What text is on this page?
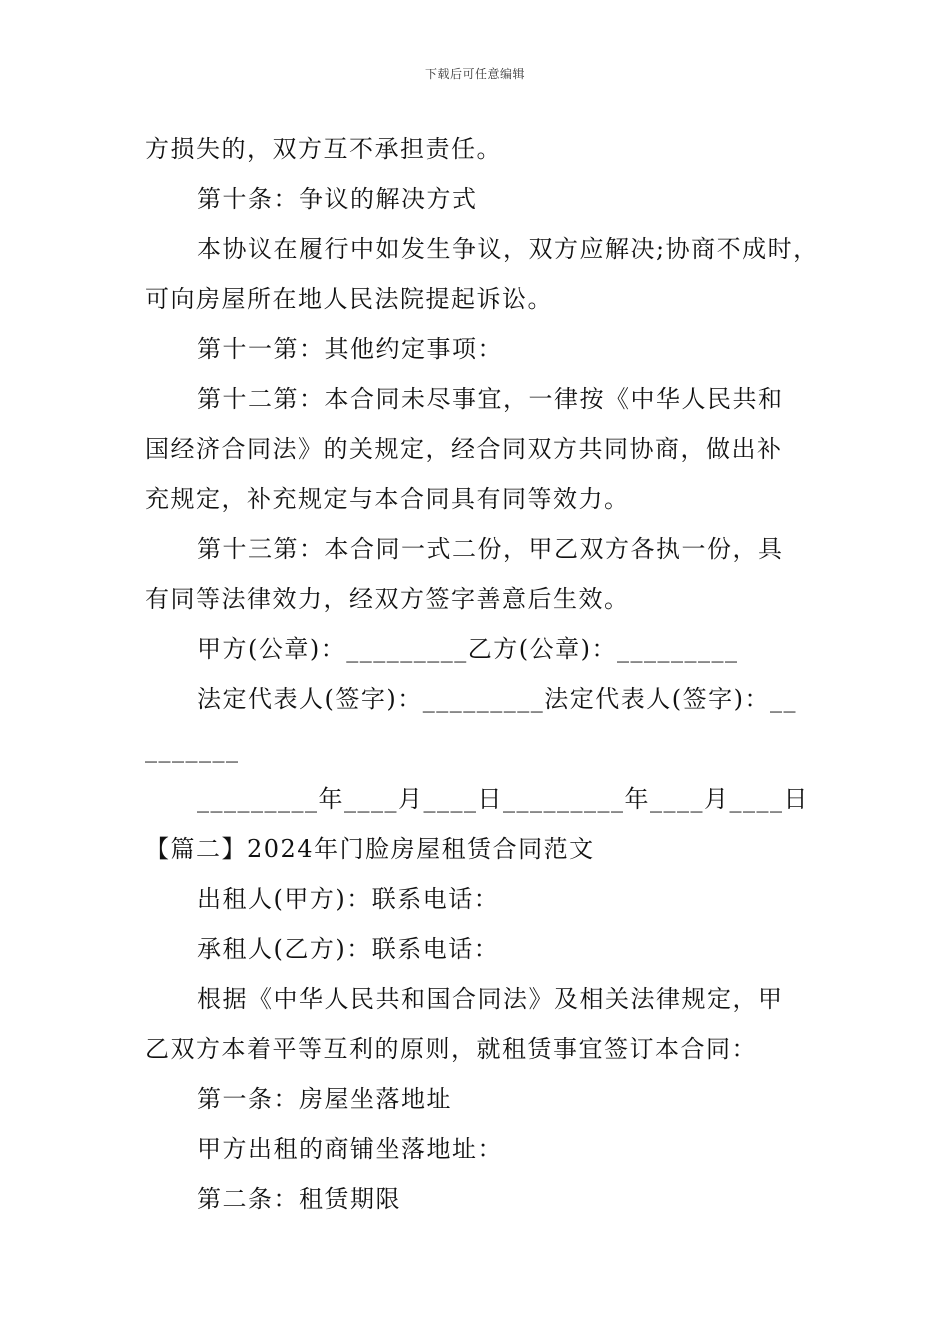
下载后可任意编辑
方损失的，双方互不承担责任。
第十条：争议的解决方式
本协议在履行中如发生争议，双方应解决;协商不成时，
可向房屋所在地人民法院提起诉讼。
第十一第：其他约定事项：
第十二第：本合同未尽事宜，一律按《中华人民共和
国经济合同法》的关规定，经合同双方共同协商，做出补
充规定，补充规定与本合同具有同等效力。
第十三第：本合同一式二份，甲乙双方各执一份，具
有同等法律效力，经双方签字善意后生效。
甲方(公章)：_________乙方(公章)：_________
法定代表人(签字)：_________法定代表人(签字)：__
_______
_________年____月____日_________年____月____日
【篇二】2024年门脸房屋租赁合同范文
出租人(甲方)：联系电话：
承租人(乙方)：联系电话：
根据《中华人民共和国合同法》及相关法律规定，甲
乙双方本着平等互利的原则，就租赁事宜签订本合同：
第一条：房屋坐落地址
甲方出租的商铺坐落地址：
第二条：租赁期限
